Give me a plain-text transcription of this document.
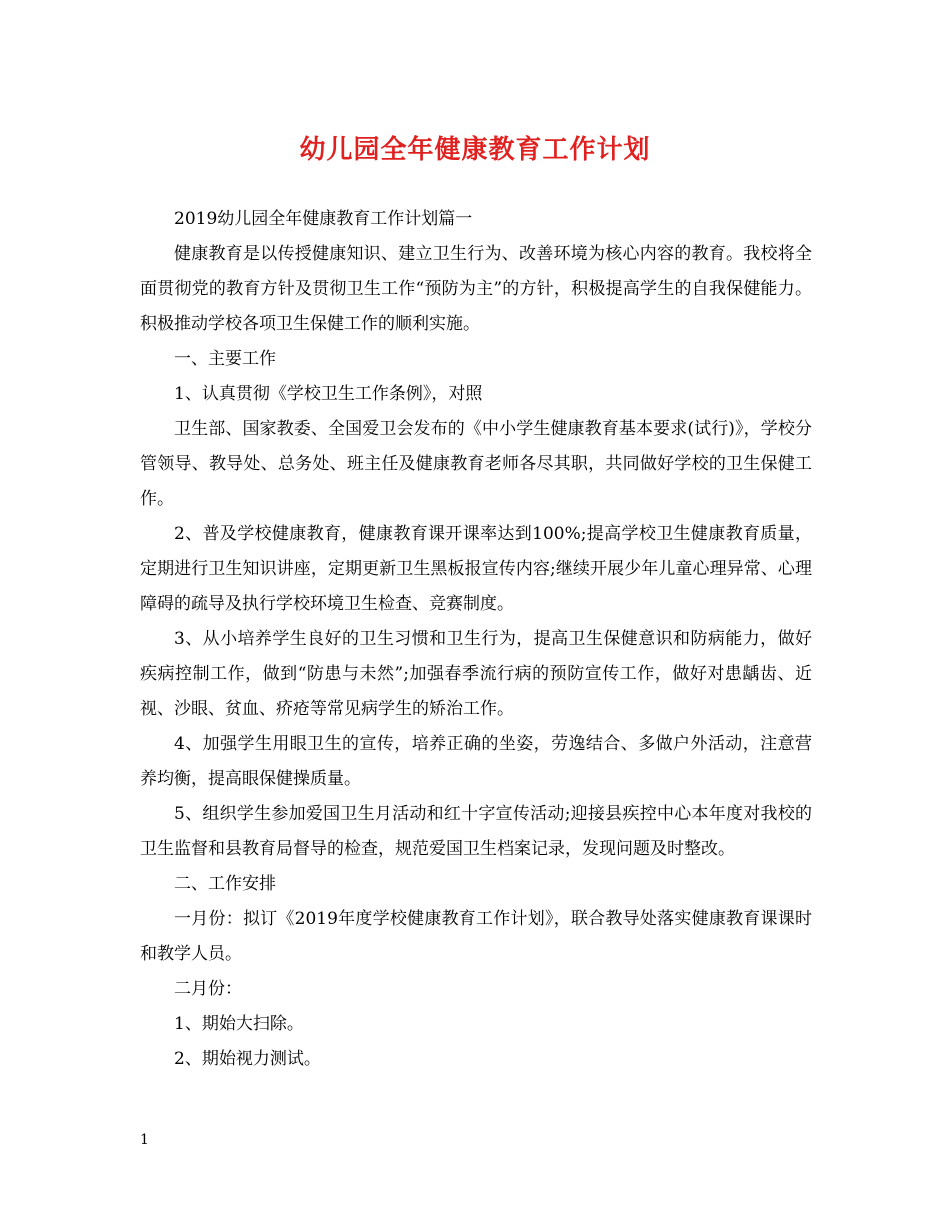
幼儿园全年健康教育工作计划

2019幼儿园全年健康教育工作计划篇一

健康教育是以传授健康知识、建立卫生行为、改善环境为核心内容的教育。我校将全面贯彻党的教育方针及贯彻卫生工作“预防为主”的方针，积极提高学生的自我保健能力。积极推动学校各项卫生保健工作的顺利实施。

一、主要工作

1、认真贯彻《学校卫生工作条例》，对照

卫生部、国家教委、全国爱卫会发布的《中小学生健康教育基本要求(试行)》，学校分管领导、教导处、总务处、班主任及健康教育老师各尽其职，共同做好学校的卫生保健工作。

2、普及学校健康教育，健康教育课开课率达到100%;提高学校卫生健康教育质量，定期进行卫生知识讲座，定期更新卫生黑板报宣传内容;继续开展少年儿童心理异常、心理障碍的疏导及执行学校环境卫生检查、竞赛制度。

3、从小培养学生良好的卫生习惯和卫生行为，提高卫生保健意识和防病能力，做好疾病控制工作，做到“防患与未然”;加强春季流行病的预防宣传工作，做好对患龋齿、近视、沙眼、贫血、疥疮等常见病学生的矫治工作。

4、加强学生用眼卫生的宣传，培养正确的坐姿，劳逸结合、多做户外活动，注意营养均衡，提高眼保健操质量。

5、组织学生参加爱国卫生月活动和红十字宣传活动;迎接县疾控中心本年度对我校的卫生监督和县教育局督导的检查，规范爱国卫生档案记录，发现问题及时整改。

二、工作安排

一月份：拟订《2019年度学校健康教育工作计划》，联合教导处落实健康教育课课时和教学人员。

二月份：

1、期始大扫除。

2、期始视力测试。

1
